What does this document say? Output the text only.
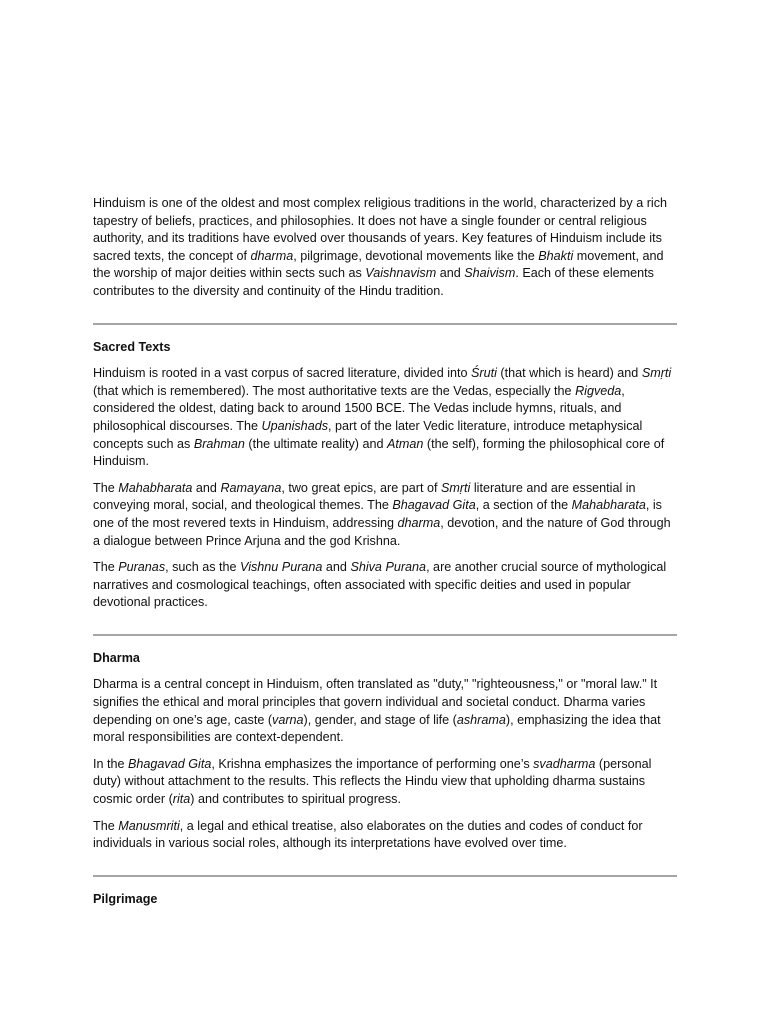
Hinduism is one of the oldest and most complex religious traditions in the world, characterized by a rich tapestry of beliefs, practices, and philosophies. It does not have a single founder or central religious authority, and its traditions have evolved over thousands of years. Key features of Hinduism include its sacred texts, the concept of dharma, pilgrimage, devotional movements like the Bhakti movement, and the worship of major deities within sects such as Vaishnavism and Shaivism. Each of these elements contributes to the diversity and continuity of the Hindu tradition.

Sacred Texts

Hinduism is rooted in a vast corpus of sacred literature, divided into Śruti (that which is heard) and Smṛti (that which is remembered). The most authoritative texts are the Vedas, especially the Rigveda, considered the oldest, dating back to around 1500 BCE. The Vedas include hymns, rituals, and philosophical discourses. The Upanishads, part of the later Vedic literature, introduce metaphysical concepts such as Brahman (the ultimate reality) and Atman (the self), forming the philosophical core of Hinduism.

The Mahabharata and Ramayana, two great epics, are part of Smṛti literature and are essential in conveying moral, social, and theological themes. The Bhagavad Gita, a section of the Mahabharata, is one of the most revered texts in Hinduism, addressing dharma, devotion, and the nature of God through a dialogue between Prince Arjuna and the god Krishna.

The Puranas, such as the Vishnu Purana and Shiva Purana, are another crucial source of mythological narratives and cosmological teachings, often associated with specific deities and used in popular devotional practices.

Dharma

Dharma is a central concept in Hinduism, often translated as "duty," "righteousness," or "moral law." It signifies the ethical and moral principles that govern individual and societal conduct. Dharma varies depending on one’s age, caste (varna), gender, and stage of life (ashrama), emphasizing the idea that moral responsibilities are context-dependent.

In the Bhagavad Gita, Krishna emphasizes the importance of performing one’s svadharma (personal duty) without attachment to the results. This reflects the Hindu view that upholding dharma sustains cosmic order (rita) and contributes to spiritual progress.

The Manusmriti, a legal and ethical treatise, also elaborates on the duties and codes of conduct for individuals in various social roles, although its interpretations have evolved over time.

Pilgrimage
